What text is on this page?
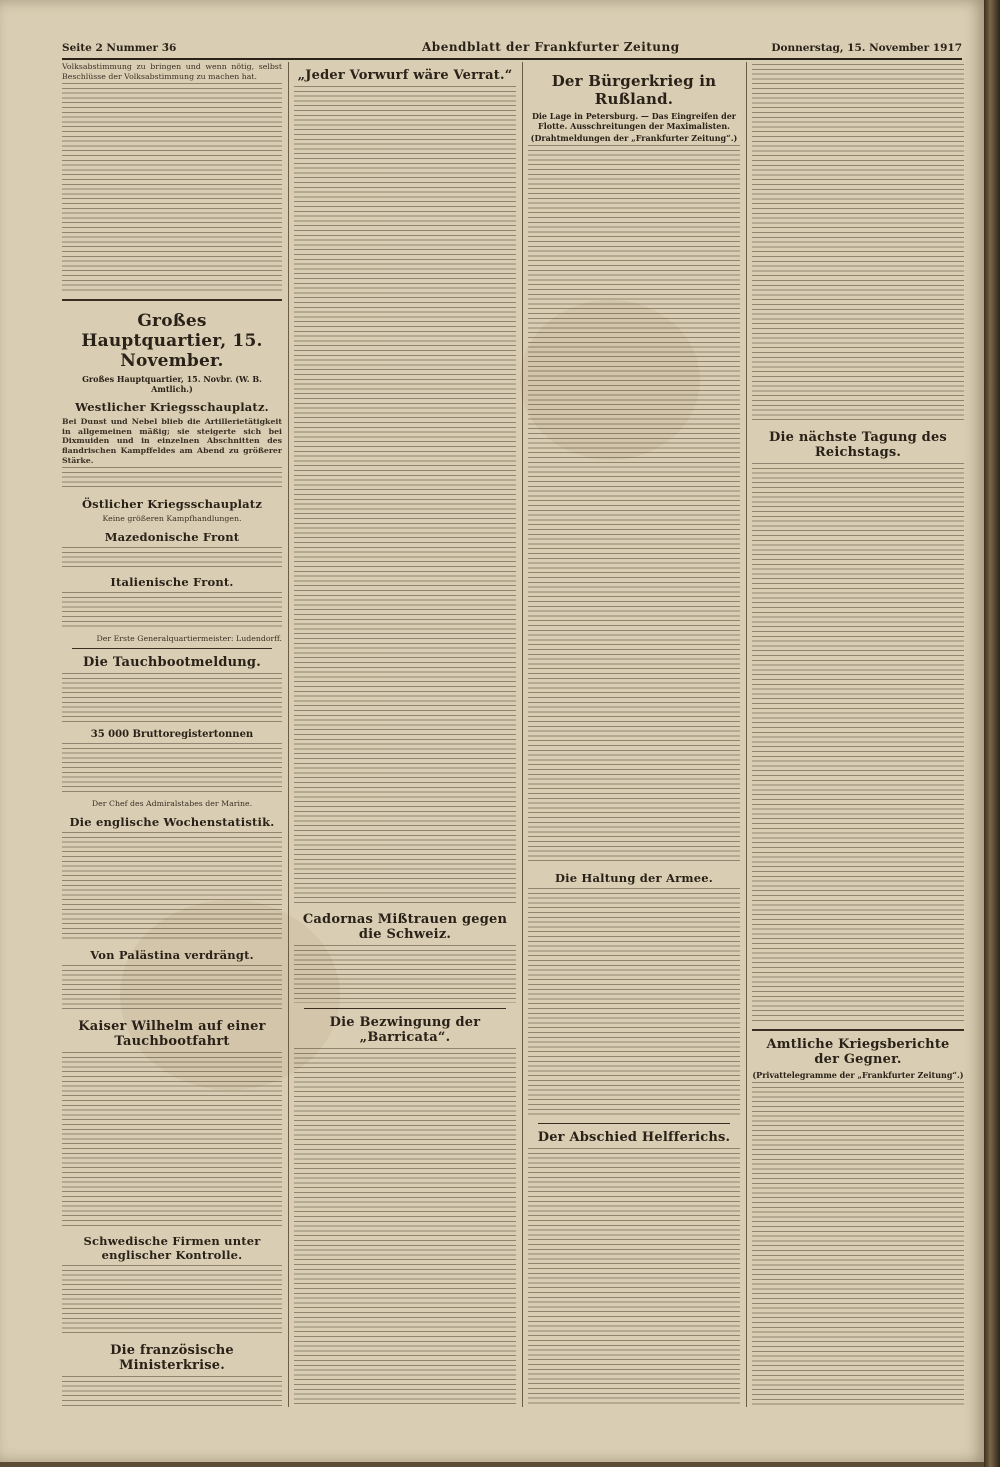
Seite 2 Nummer 3̃6	Abendblatt der Frankfurter Zeitung	Donnerstag, 15. November 1917

Volksabstimmung zu bringen und wenn nötig, selbst Beschlüsse der Volksabstimmung zu machen hat.

Großes Hauptquartier, 15. November.
Großes Hauptquartier, 15. Novbr. (W. B. Amtlich.)
Westlicher Kriegsschauplatz.

Bei Dunst und Nebel blieb die Artillerietätigkeit in allgemeinen mäßig; sie steigerte sich bei Dixmuiden und in einzelnen Abschnitten des flandrischen Kampffeldes am Abend zu größerer Stärke.

Östlicher Kriegsschauplatz

Keine größeren Kampfhandlungen.

Mazedonische Front
Italienische Front.

Der Erste Generalquartiermeister: Ludendorff.

Die Tauchbootmeldung.
35 000 Bruttoregistertonnen

Der Chef des Admiralstabes der Marine.

Die englische Wochenstatistik.
Von Palästina verdrängt.
Kaiser Wilhelm auf einer Tauchbootfahrt
Schwedische Firmen unter englischer Kontrolle.
Die französische Ministerkrise.
„Jeder Vorwurf wäre Verrat.“
Cadornas Mißtrauen gegen die Schweiz.
Die Bezwingung der „Barricata“.
Der Bürgerkrieg in Rußland.
Die Lage in Petersburg. — Das Eingreifen der Flotte. Ausschreitungen der Maximalisten.
(Drahtmeldungen der „Frankfurter Zeitung“.)
Die Haltung der Armee.
Der Abschied Helfferichs.
Die nächste Tagung des Reichstags.
Amtliche Kriegsberichte der Gegner.
(Privattelegramme der „Frankfurter Zeitung“.)
